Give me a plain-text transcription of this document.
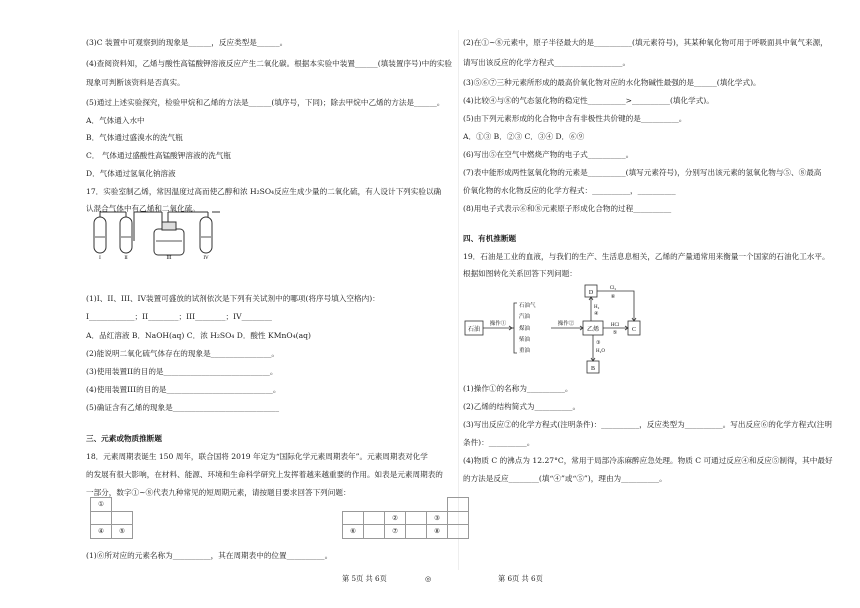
(3)C 装置中可观察到的现象是______，反应类型是______。
(4)查阅资料知，乙烯与酸性高锰酸钾溶液反应产生二氧化碳。根据本实验中装置______(填装置序号)中的实验
现象可判断该资料是否真实。
(5)通过上述实验探究，检验甲烷和乙烯的方法是______(填序号，下同)；除去甲烷中乙烯的方法是______。
A．气体通入水中
B．气体通过盛溴水的洗气瓶
C． 气体通过盛酸性高锰酸钾溶液的洗气瓶
D．气体通过氢氧化钠溶液
17．实验室制乙烯，常因温度过高而使乙醇和浓 H₂SO₄反应生成少量的二氧化硫，有人设计下列实验以确
认混合气体中有乙烯和二氧化硫。
(1)I、II、III、IV装置可盛放的试剂依次是下列有关试剂中的哪项(将序号填入空格内)：
I____________；II________；III________；IV________
A．品红溶液 B．NaOH(aq) C．浓 H₂SO₄ D．酸性 KMnO₄(aq)
(2)能说明二氧化硫气体存在的现象是________________。
(3)使用装置II的目的是____________________________。
(4)使用装置III的目的是____________________________。
(5)确证含有乙烯的现象是____________________________
三、元素或物质推断题
18．元素周期表诞生 150 周年，联合国将 2019 年定为“国际化学元素周期表年”。元素周期表对化学
的发展有很大影响，在材料、能源、环境和生命科学研究上发挥着越来越重要的作用。如表是元素周期表的
一部分，数字①~⑧代表九种常见的短周期元素，请按题目要求回答下列问题：
(1)⑥所对应的元素名称为__________，其在周期表中的位置__________。
I	II	III	IV
①																	
														②		③	
④	⑤											⑥		⑦		⑧	
(2)在①~⑧元素中，原子半径最大的是__________(填元素符号)，其某种氧化物可用于呼吸面具中氧气来源，
请写出该反应的化学方程式__________________。
(3)⑤⑥⑦三种元素所形成的最高价氧化物对应的水化物碱性最强的是______(填化学式)。
(4)比较④与⑧的气态氢化物的稳定性__________>__________(填化学式)。
(5)由下列元素形成的化合物中含有非极性共价键的是__________。
A．①③ B．②③ C．③④ D．⑥⑨
(6)写出⑤在空气中燃烧产物的电子式__________。
(7)表中能形成两性氢氧化物的元素是__________(填写元素符号)，分别写出该元素的氢氧化物与⑤、⑧最高
价氧化物的水化物反应的化学方程式：__________，__________
(8)用电子式表示⑥和⑧元素原子形成化合物的过程__________
四、有机推断题
19．石油是工业的血液，与我们的生产、生活息息相关，乙烯的产量通常用来衡量一个国家的石油化工水平。
根据如图转化关系回答下列问题：
(1)操作①的名称为__________。
(2)乙烯的结构简式为__________。
(3)写出反应②的化学方程式(注明条件)：__________，反应类型为__________。写出反应⑥的化学方程式(注明
条件)：__________。
(4)物质 C 的沸点为 12.27°C，常用于局部冷冻麻醉应急处理。物质 C 可通过反应④和反应⑤制得，其中最好
的方法是反应________(填“④”或“⑤”)，理由为__________。
石油
操作①
石油气
汽油
煤油
柴油
重油
操作②
乙烯
D
B
C
Cl₂
⑥
H₂
④
HCl
⑤
③
H₂O
第 5页 共 6页	◎	第 6页 共 6页
